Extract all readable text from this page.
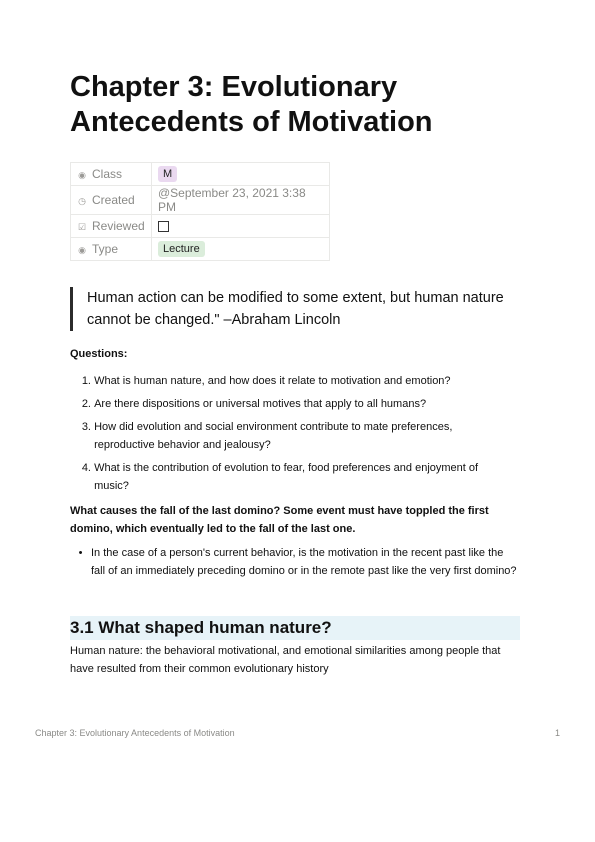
Chapter 3: Evolutionary Antecedents of Motivation
◉ Class	M
◷ Created	@September 23, 2021 3:38 PM
☑ Reviewed	
◉ Type	Lecture
Human action can be modified to some extent, but human nature cannot be changed." –Abraham Lincoln

Questions:

1.
What is human nature, and how does it relate to motivation and emotion?
2.
Are there dispositions or universal motives that apply to all humans?
3.
How did evolution and social environment contribute to mate preferences, reproductive behavior and jealousy?
4.
What is the contribution of evolution to fear, food preferences and enjoyment of music?

What causes the fall of the last domino? Some event must have toppled the first domino, which eventually led to the fall of the last one.

• In the case of a person's current behavior, is the motivation in the recent past like the fall of an immediately preceding domino or in the remote past like the very first domino?
3.1 What shaped human nature?

Human nature: the behavioral motivational, and emotional similarities among people that have resulted from their common evolutionary history

Chapter 3: Evolutionary Antecedents of Motivation	1
